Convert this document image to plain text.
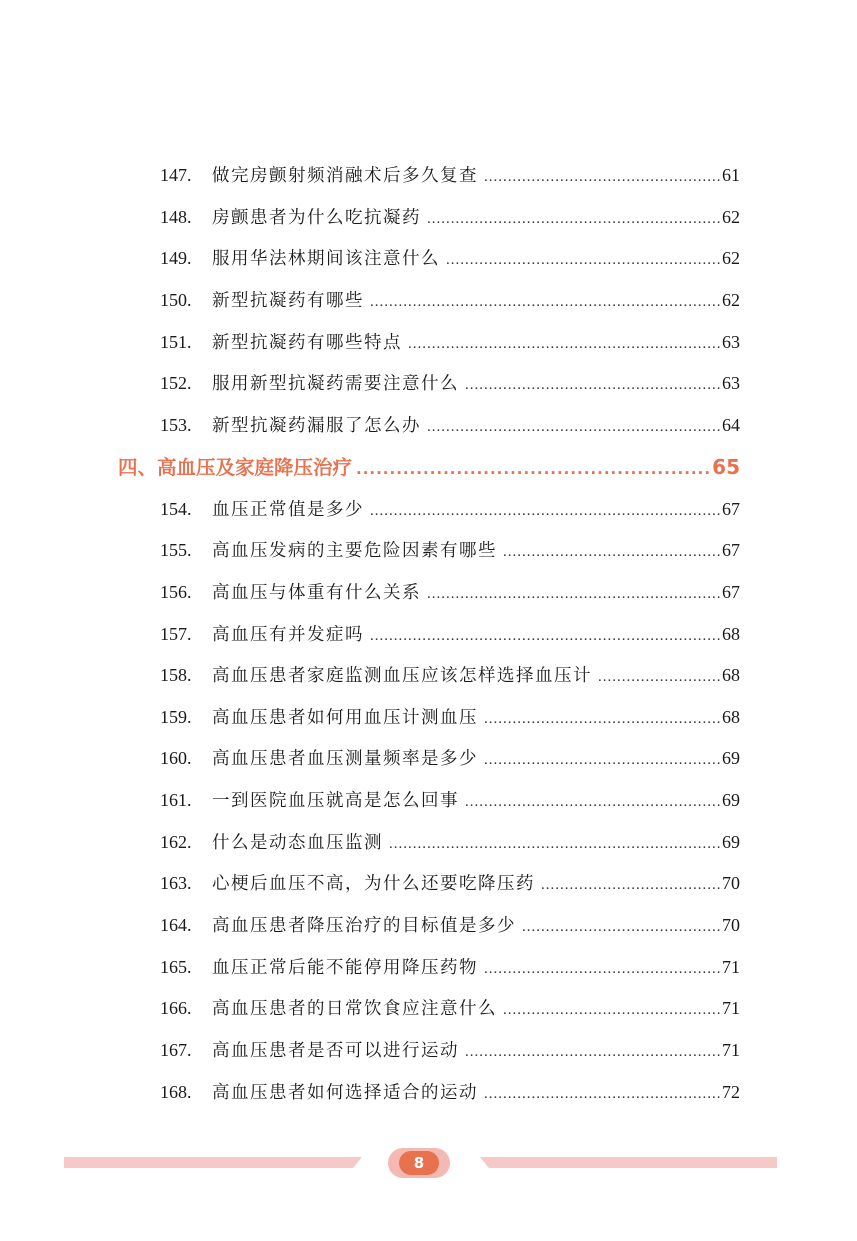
147.	做完房颤射频消融术后多久复查 .....	61
148.	房颤患者为什么吃抗凝药 .....	62
149.	服用华法林期间该注意什么 .....	62
150.	新型抗凝药有哪些 .....	62
151.	新型抗凝药有哪些特点 .....	63
152.	服用新型抗凝药需要注意什么 .....	63
153.	新型抗凝药漏服了怎么办 .....	64
四、高血压及家庭降压治疗 .....	65
154.	血压正常值是多少 .....	67
155.	高血压发病的主要危险因素有哪些 .....	67
156.	高血压与体重有什么关系 .....	67
157.	高血压有并发症吗 .....	68
158.	高血压患者家庭监测血压应该怎样选择血压计 .....	68
159.	高血压患者如何用血压计测血压 .....	68
160.	高血压患者血压测量频率是多少 .....	69
161.	一到医院血压就高是怎么回事 .....	69
162.	什么是动态血压监测 .....	69
163.	心梗后血压不高，为什么还要吃降压药 .....	70
164.	高血压患者降压治疗的目标值是多少 .....	70
165.	血压正常后能不能停用降压药物 .....	71
166.	高血压患者的日常饮食应注意什么 .....	71
167.	高血压患者是否可以进行运动 .....	71
168.	高血压患者如何选择适合的运动 .....	72
8
